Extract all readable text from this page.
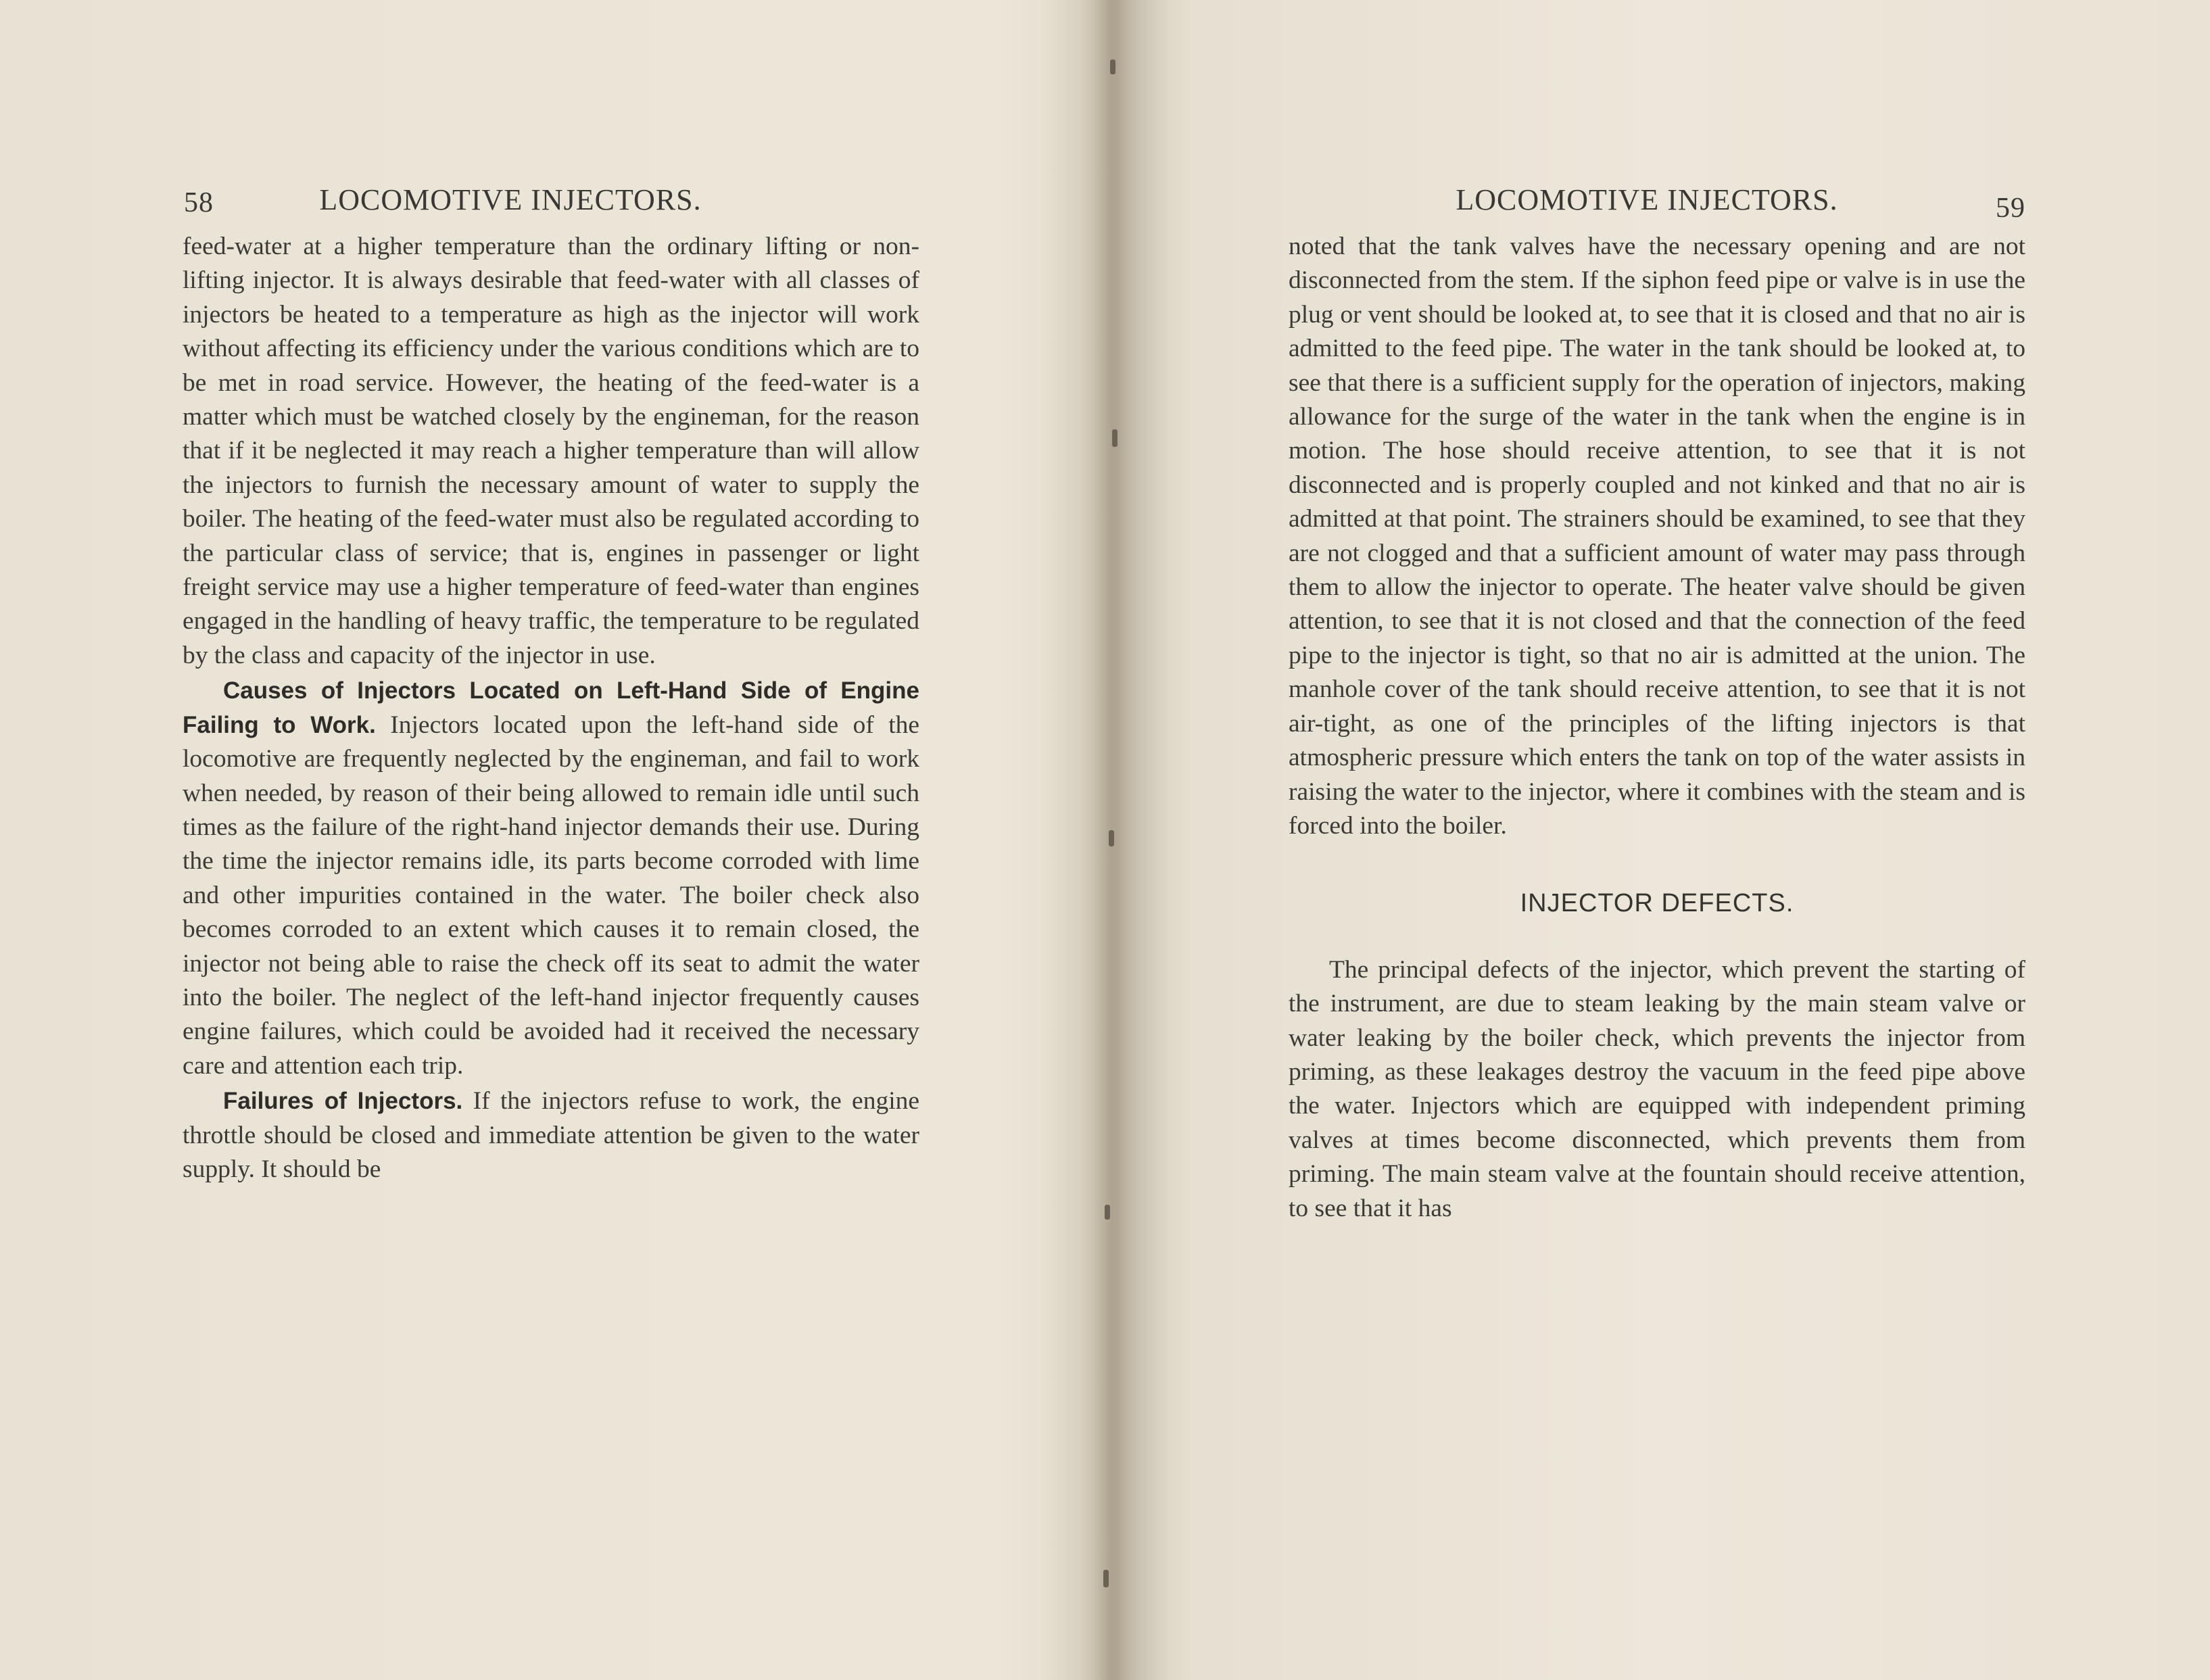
58	LOCOMOTIVE INJECTORS.

feed-water at a higher temperature than the ordinary lifting or non-lifting injector. It is always desirable that feed-water with all classes of injectors be heated to a temperature as high as the injector will work without affecting its efficiency under the various conditions which are to be met in road service. However, the heating of the feed-water is a matter which must be watched closely by the engineman, for the reason that if it be neglected it may reach a higher temperature than will allow the injectors to furnish the necessary amount of water to supply the boiler. The heating of the feed-water must also be regulated according to the particular class of service; that is, engines in passenger or light freight service may use a higher temperature of feed-water than engines engaged in the handling of heavy traffic, the temperature to be regulated by the class and capacity of the injector in use.

Causes of Injectors Located on Left-Hand Side of Engine Failing to Work. Injectors located upon the left-hand side of the locomotive are frequently neglected by the engineman, and fail to work when needed, by reason of their being allowed to remain idle until such times as the failure of the right-hand injector demands their use. During the time the injector remains idle, its parts become corroded with lime and other impurities contained in the water. The boiler check also becomes corroded to an extent which causes it to remain closed, the injector not being able to raise the check off its seat to admit the water into the boiler. The neglect of the left-hand injector frequently causes engine failures, which could be avoided had it received the necessary care and attention each trip.

Failures of Injectors. If the injectors refuse to work, the engine throttle should be closed and immediate attention be given to the water supply. It should be

LOCOMOTIVE INJECTORS.	59

noted that the tank valves have the necessary opening and are not disconnected from the stem. If the siphon feed pipe or valve is in use the plug or vent should be looked at, to see that it is closed and that no air is admitted to the feed pipe. The water in the tank should be looked at, to see that there is a sufficient supply for the operation of injectors, making allowance for the surge of the water in the tank when the engine is in motion. The hose should receive attention, to see that it is not disconnected and is properly coupled and not kinked and that no air is admitted at that point. The strainers should be examined, to see that they are not clogged and that a sufficient amount of water may pass through them to allow the injector to operate. The heater valve should be given attention, to see that it is not closed and that the connection of the feed pipe to the injector is tight, so that no air is admitted at the union. The manhole cover of the tank should receive attention, to see that it is not air-tight, as one of the principles of the lifting injectors is that atmospheric pressure which enters the tank on top of the water assists in raising the water to the injector, where it combines with the steam and is forced into the boiler.

INJECTOR DEFECTS.

The principal defects of the injector, which prevent the starting of the instrument, are due to steam leaking by the main steam valve or water leaking by the boiler check, which prevents the injector from priming, as these leakages destroy the vacuum in the feed pipe above the water. Injectors which are equipped with independent priming valves at times become disconnected, which prevents them from priming. The main steam valve at the fountain should receive attention, to see that it has
